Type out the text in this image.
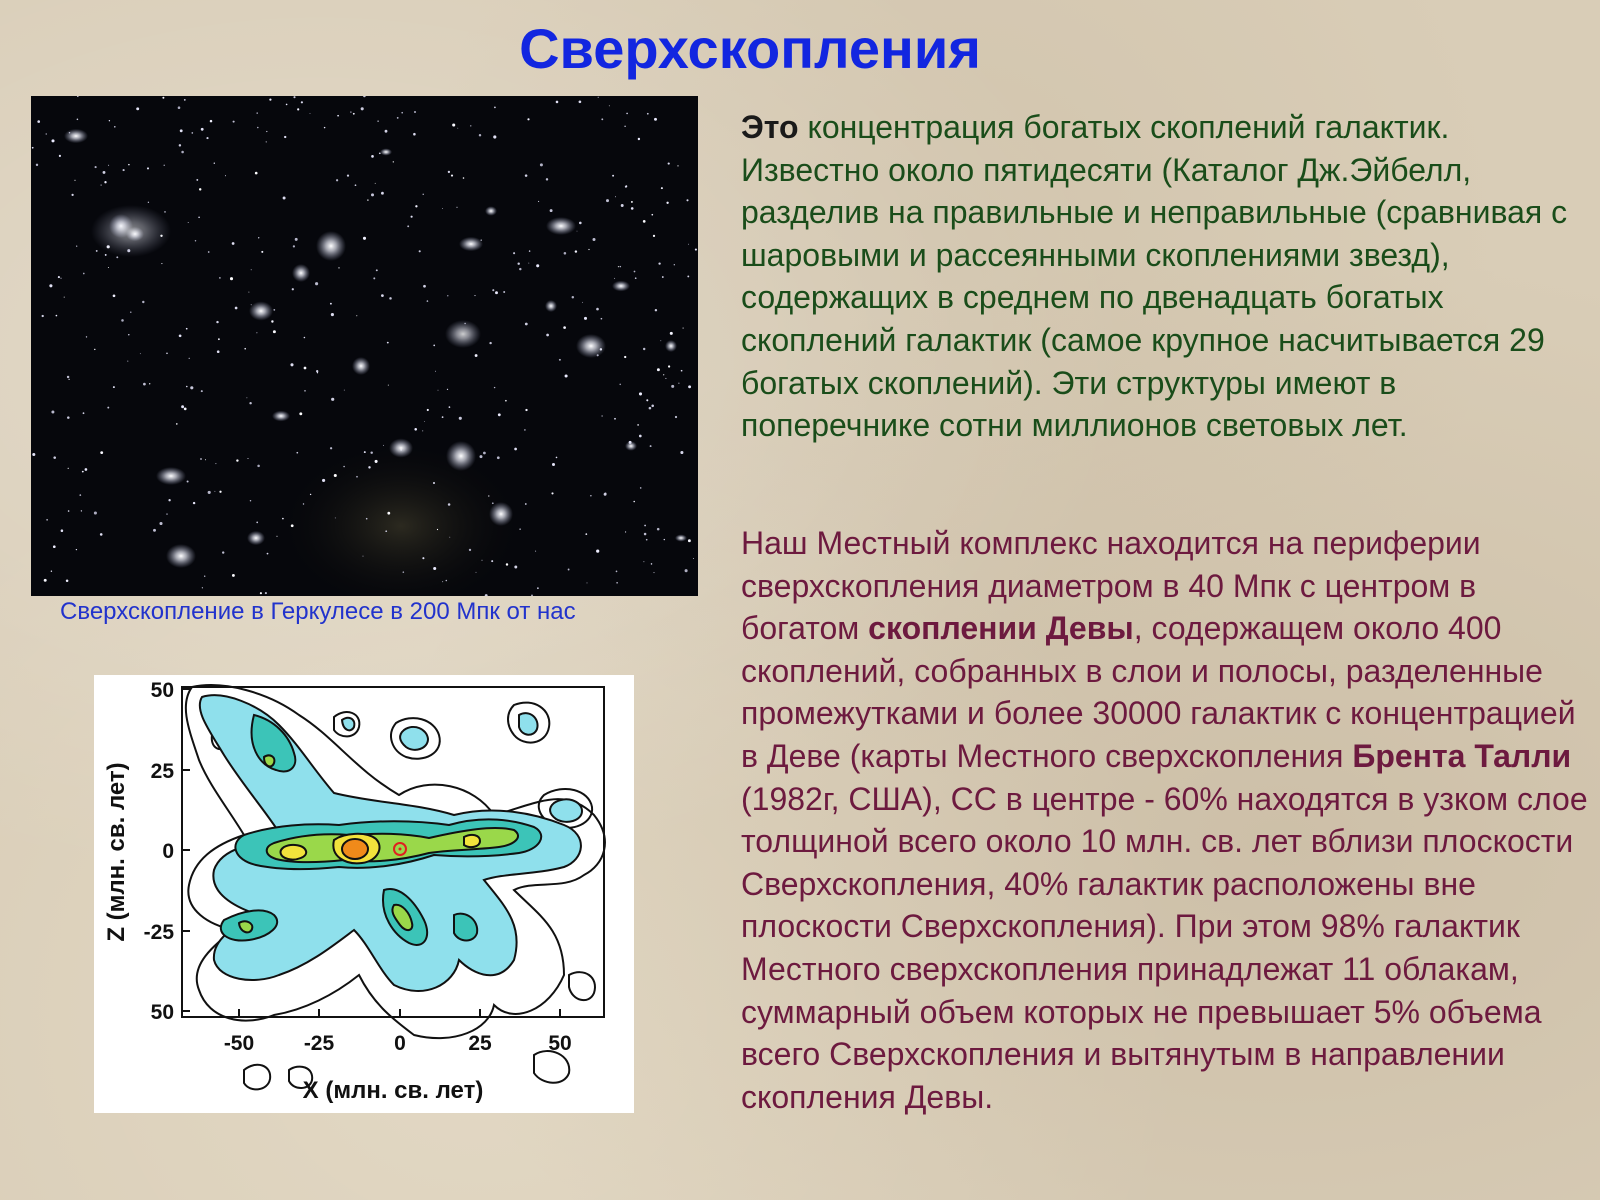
Сверхскопления

Сверхскопление в Геркулесе в 200 Мпк от нас

-50 -25	0	25	50
50
25
0
-25
50
X (млн. св. лет)
Z (млн. св. лет)

Это концентрация богатых скоплений галактик. Известно около пятидесяти (Каталог Дж.Эйбелл, разделив на правильные и неправильные (сравнивая с шаровыми и рассеянными скоплениями звезд), содержащих в среднем по двенадцать богатых скоплений галактик (самое крупное насчитывается 29 богатых скоплений). Эти структуры имеют в поперечнике сотни миллионов световых лет.

Наш Местный комплекс находится на периферии сверхскопления диаметром в 40 Мпк с центром в богатом скоплении Девы, содержащем около 400 скоплений, собранных в слои и полосы, разделенные промежутками и более 30000 галактик с концентрацией в Деве (карты Местного сверхскопления Брента Талли (1982г, США), СС в центре - 60% находятся в узком слое толщиной всего около 10 млн. св. лет вблизи плоскости Сверхскопления, 40% галактик расположены вне плоскости Сверхскопления). При этом 98% галактик Местного сверхскопления принадлежат 11 облакам, суммарный объем которых не превышает 5% объема всего Сверхскопления и вытянутым в направлении скопления Девы.
